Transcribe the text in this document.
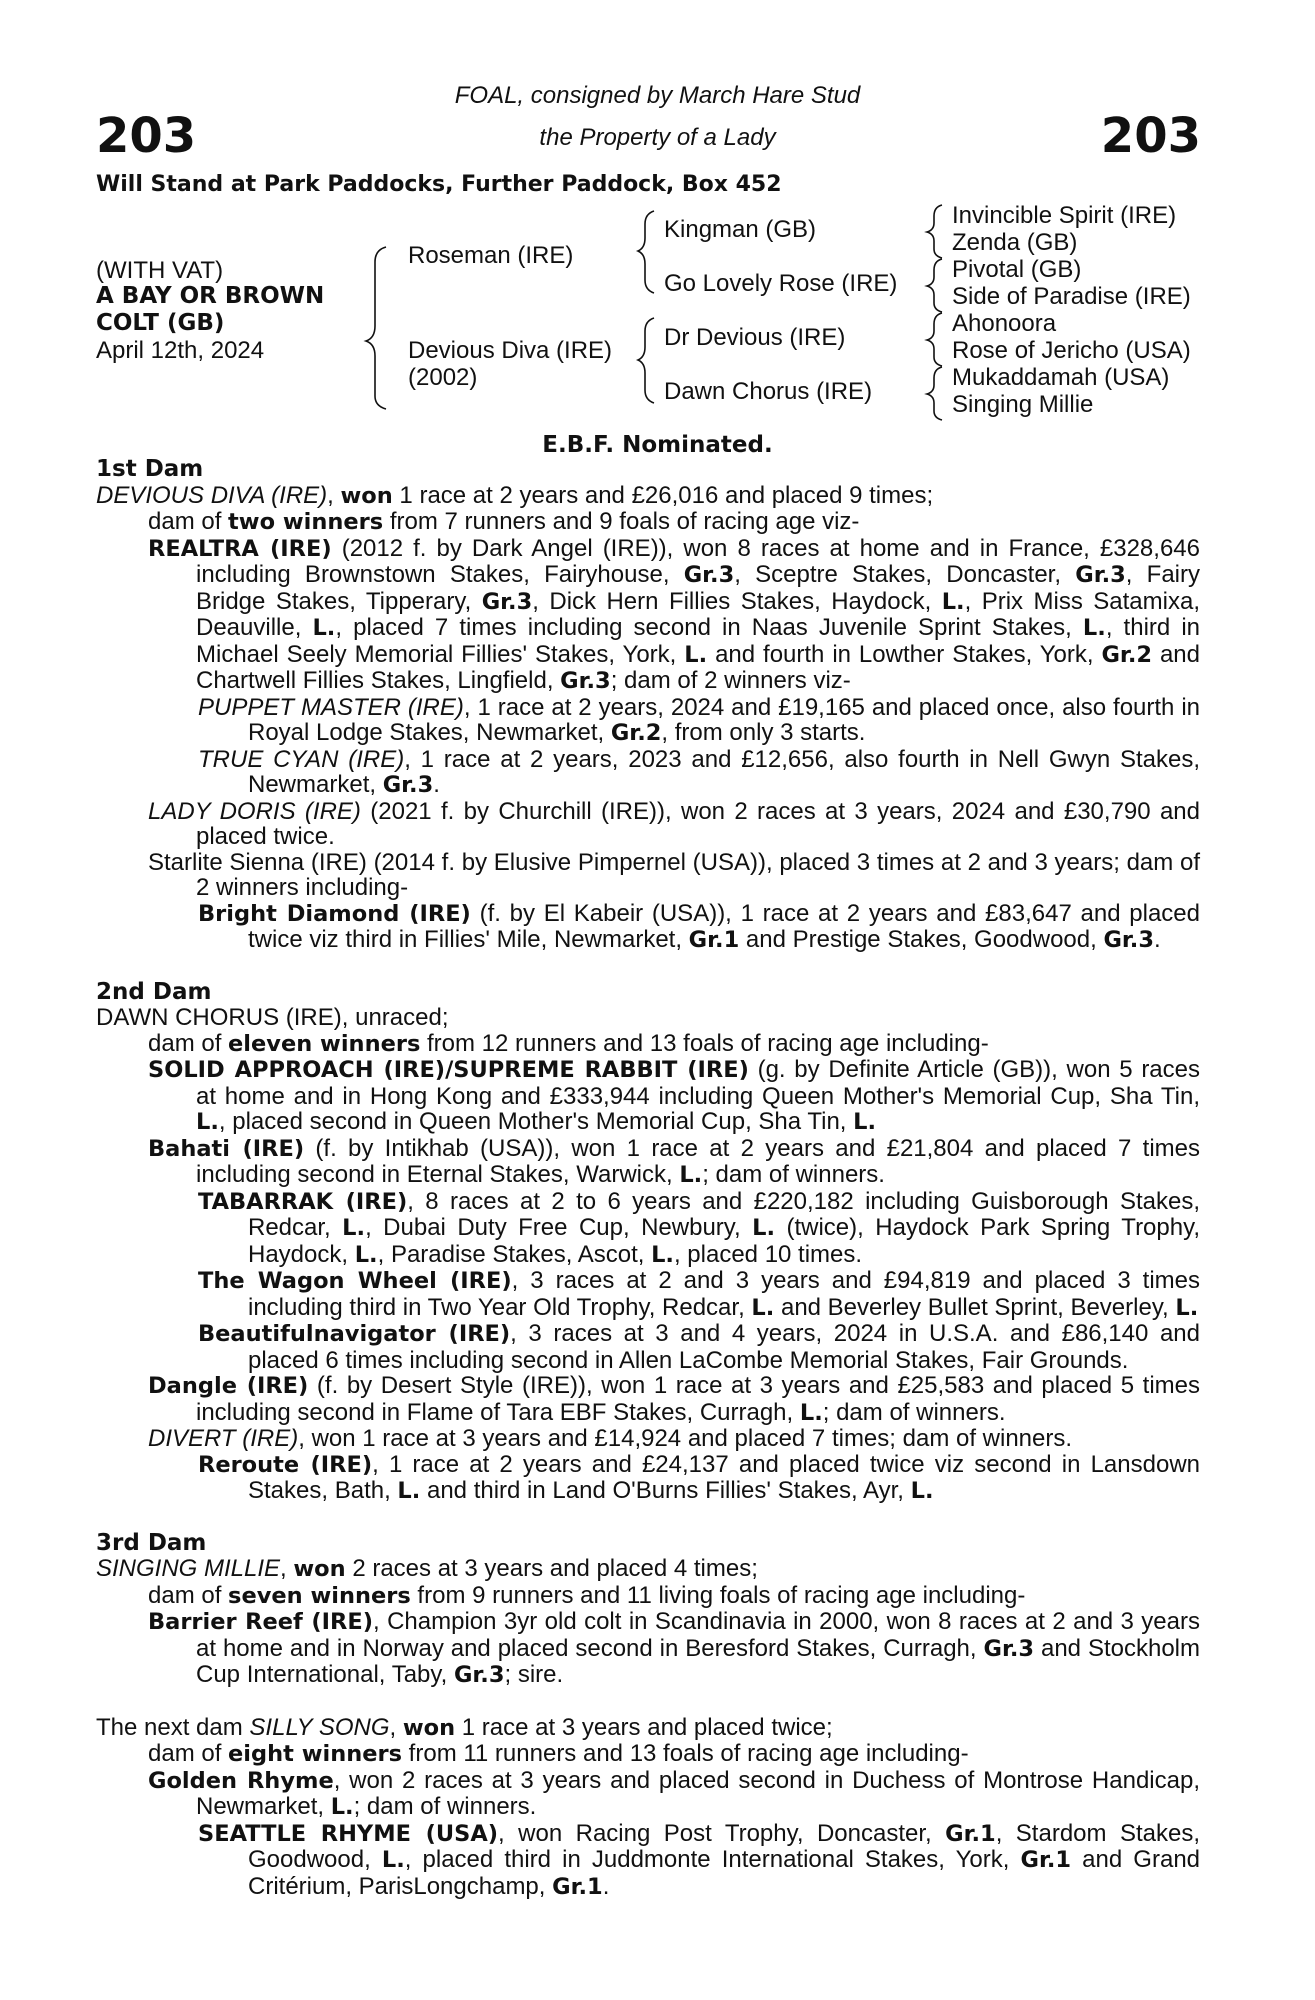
203	203
FOAL, consigned by March Hare Stud
the Property of a Lady
Will Stand at Park Paddocks, Further Paddock, Box 452
(WITH VAT)
A BAY OR BROWN
COLT (GB)
April 12th, 2024
Roseman (IRE)
Devious Diva (IRE)
(2002)
Kingman (GB)
Go Lovely Rose (IRE)
Dr Devious (IRE)
Dawn Chorus (IRE)
Invincible Spirit (IRE)
Zenda (GB)
Pivotal (GB)
Side of Paradise (IRE)
Ahonoora
Rose of Jericho (USA)
Mukaddamah (USA)
Singing Millie
E.B.F. Nominated.

1st Dam

DEVIOUS DIVA (IRE), won 1 race at 2 years and £26,016 and placed 9 times;
dam of two winners from 7 runners and 9 foals of racing age viz-

REALTRA (IRE) (2012 f. by Dark Angel (IRE)), won 8 races at home and in France, £328,646 including Brownstown Stakes, Fairyhouse, Gr.3, Sceptre Stakes, Doncaster, Gr.3, Fairy Bridge Stakes, Tipperary, Gr.3, Dick Hern Fillies Stakes, Haydock, L., Prix Miss Satamixa, Deauville, L., placed 7 times including second in Naas Juvenile Sprint Stakes, L., third in Michael Seely Memorial Fillies' Stakes, York, L. and fourth in Lowther Stakes, York, Gr.2 and Chartwell Fillies Stakes, Lingfield, Gr.3; dam of 2 winners viz-

PUPPET MASTER (IRE), 1 race at 2 years, 2024 and £19,165 and placed once, also fourth in Royal Lodge Stakes, Newmarket, Gr.2, from only 3 starts.

TRUE CYAN (IRE), 1 race at 2 years, 2023 and £12,656, also fourth in Nell Gwyn Stakes, Newmarket, Gr.3.

LADY DORIS (IRE) (2021 f. by Churchill (IRE)), won 2 races at 3 years, 2024 and £30,790 and placed twice.

Starlite Sienna (IRE) (2014 f. by Elusive Pimpernel (USA)), placed 3 times at 2 and 3 years; dam of 2 winners including-

Bright Diamond (IRE) (f. by El Kabeir (USA)), 1 race at 2 years and £83,647 and placed twice viz third in Fillies' Mile, Newmarket, Gr.1 and Prestige Stakes, Goodwood, Gr.3.

2nd Dam

DAWN CHORUS (IRE), unraced;
dam of eleven winners from 12 runners and 13 foals of racing age including-

SOLID APPROACH (IRE)/SUPREME RABBIT (IRE) (g. by Definite Article (GB)), won 5 races at home and in Hong Kong and £333,944 including Queen Mother's Memorial Cup, Sha Tin, L., placed second in Queen Mother's Memorial Cup, Sha Tin, L.

Bahati (IRE) (f. by Intikhab (USA)), won 1 race at 2 years and £21,804 and placed 7 times including second in Eternal Stakes, Warwick, L.; dam of winners.

TABARRAK (IRE), 8 races at 2 to 6 years and £220,182 including Guisborough Stakes, Redcar, L., Dubai Duty Free Cup, Newbury, L. (twice), Haydock Park Spring Trophy, Haydock, L., Paradise Stakes, Ascot, L., placed 10 times.

The Wagon Wheel (IRE), 3 races at 2 and 3 years and £94,819 and placed 3 times including third in Two Year Old Trophy, Redcar, L. and Beverley Bullet Sprint, Beverley, L.

Beautifulnavigator (IRE), 3 races at 3 and 4 years, 2024 in U.S.A. and £86,140 and placed 6 times including second in Allen LaCombe Memorial Stakes, Fair Grounds.

Dangle (IRE) (f. by Desert Style (IRE)), won 1 race at 3 years and £25,583 and placed 5 times including second in Flame of Tara EBF Stakes, Curragh, L.; dam of winners.

DIVERT (IRE), won 1 race at 3 years and £14,924 and placed 7 times; dam of winners.

Reroute (IRE), 1 race at 2 years and £24,137 and placed twice viz second in Lansdown Stakes, Bath, L. and third in Land O'Burns Fillies' Stakes, Ayr, L.

3rd Dam

SINGING MILLIE, won 2 races at 3 years and placed 4 times;
dam of seven winners from 9 runners and 11 living foals of racing age including-

Barrier Reef (IRE), Champion 3yr old colt in Scandinavia in 2000, won 8 races at 2 and 3 years at home and in Norway and placed second in Beresford Stakes, Curragh, Gr.3 and Stockholm Cup International, Taby, Gr.3; sire.

The next dam SILLY SONG, won 1 race at 3 years and placed twice;
dam of eight winners from 11 runners and 13 foals of racing age including-

Golden Rhyme, won 2 races at 3 years and placed second in Duchess of Montrose Handicap, Newmarket, L.; dam of winners.

SEATTLE RHYME (USA), won Racing Post Trophy, Doncaster, Gr.1, Stardom Stakes, Goodwood, L., placed third in Juddmonte International Stakes, York, Gr.1 and Grand Critérium, ParisLongchamp, Gr.1.
